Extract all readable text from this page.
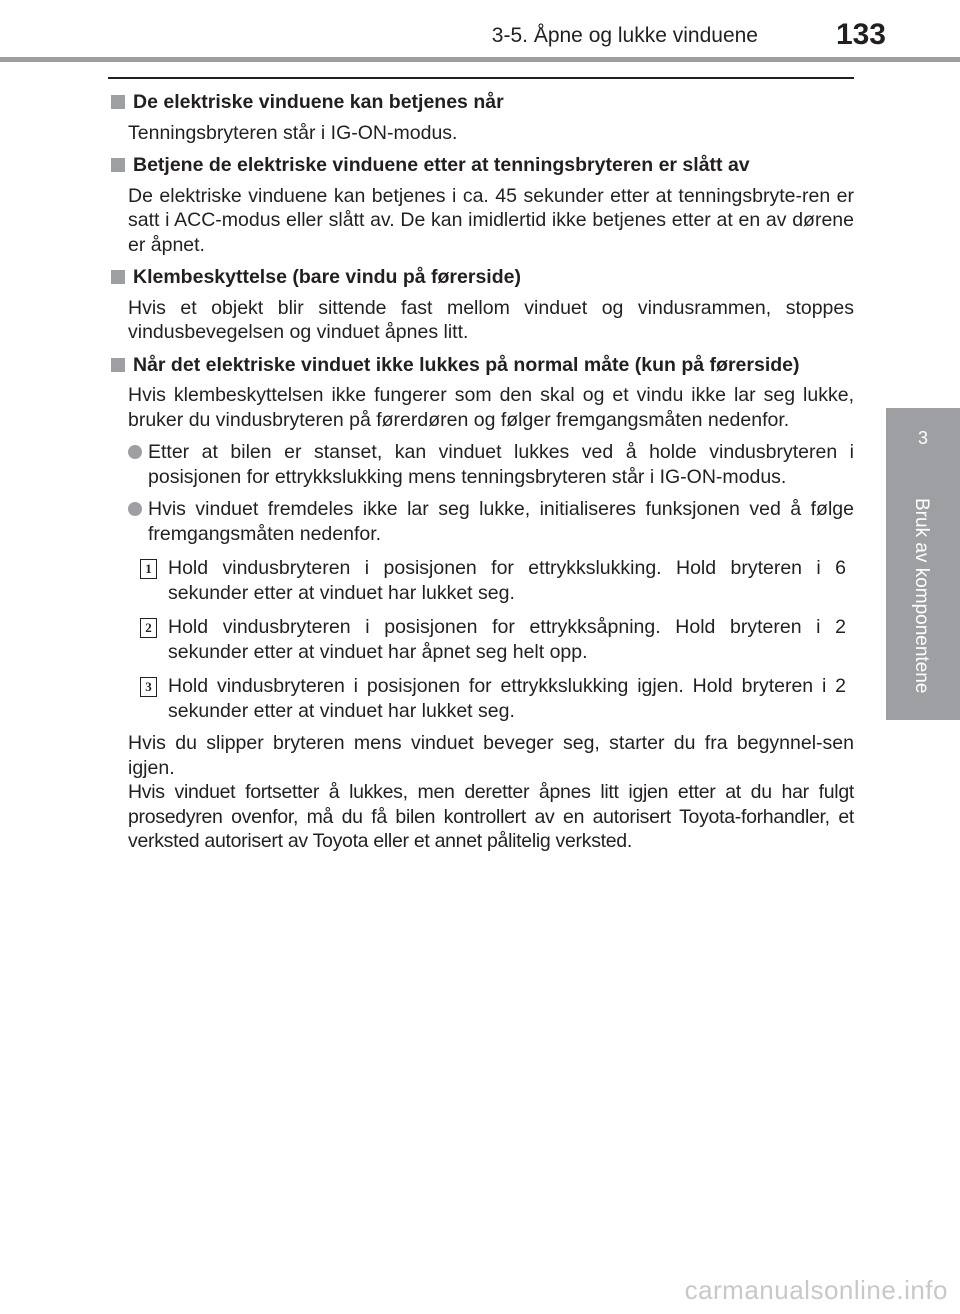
3-5. Åpne og lukke vinduene	133
3
Bruk av komponentene
De elektriske vinduene kan betjenes når
Tenningsbryteren står i IG-ON-modus.
Betjene de elektriske vinduene etter at tenningsbryteren er slått av
De elektriske vinduene kan betjenes i ca. 45 sekunder etter at tenningsbryte-ren er satt i ACC-modus eller slått av. De kan imidlertid ikke betjenes etter at en av dørene er åpnet.
Klembeskyttelse (bare vindu på førerside)
Hvis et objekt blir sittende fast mellom vinduet og vindusrammen, stoppes vindusbevegelsen og vinduet åpnes litt.
Når det elektriske vinduet ikke lukkes på normal måte (kun på førerside)
Hvis klembeskyttelsen ikke fungerer som den skal og et vindu ikke lar seg lukke, bruker du vindusbryteren på førerdøren og følger fremgangsmåten nedenfor.
Etter at bilen er stanset, kan vinduet lukkes ved å holde vindusbryteren i posisjonen for ettrykkslukking mens tenningsbryteren står i IG-ON-modus.
Hvis vinduet fremdeles ikke lar seg lukke, initialiseres funksjonen ved å følge fremgangsmåten nedenfor.
1 Hold vindusbryteren i posisjonen for ettrykkslukking. Hold bryteren i 6 sekunder etter at vinduet har lukket seg.
2 Hold vindusbryteren i posisjonen for ettrykksåpning. Hold bryteren i 2 sekunder etter at vinduet har åpnet seg helt opp.
3 Hold vindusbryteren i posisjonen for ettrykkslukking igjen. Hold bryteren i 2 sekunder etter at vinduet har lukket seg.
Hvis du slipper bryteren mens vinduet beveger seg, starter du fra begynnel-sen igjen.
Hvis vinduet fortsetter å lukkes, men deretter åpnes litt igjen etter at du har fulgt prosedyren ovenfor, må du få bilen kontrollert av en autorisert Toyota-forhandler, et verksted autorisert av Toyota eller et annet pålitelig verksted.
carmanualsonline.info
